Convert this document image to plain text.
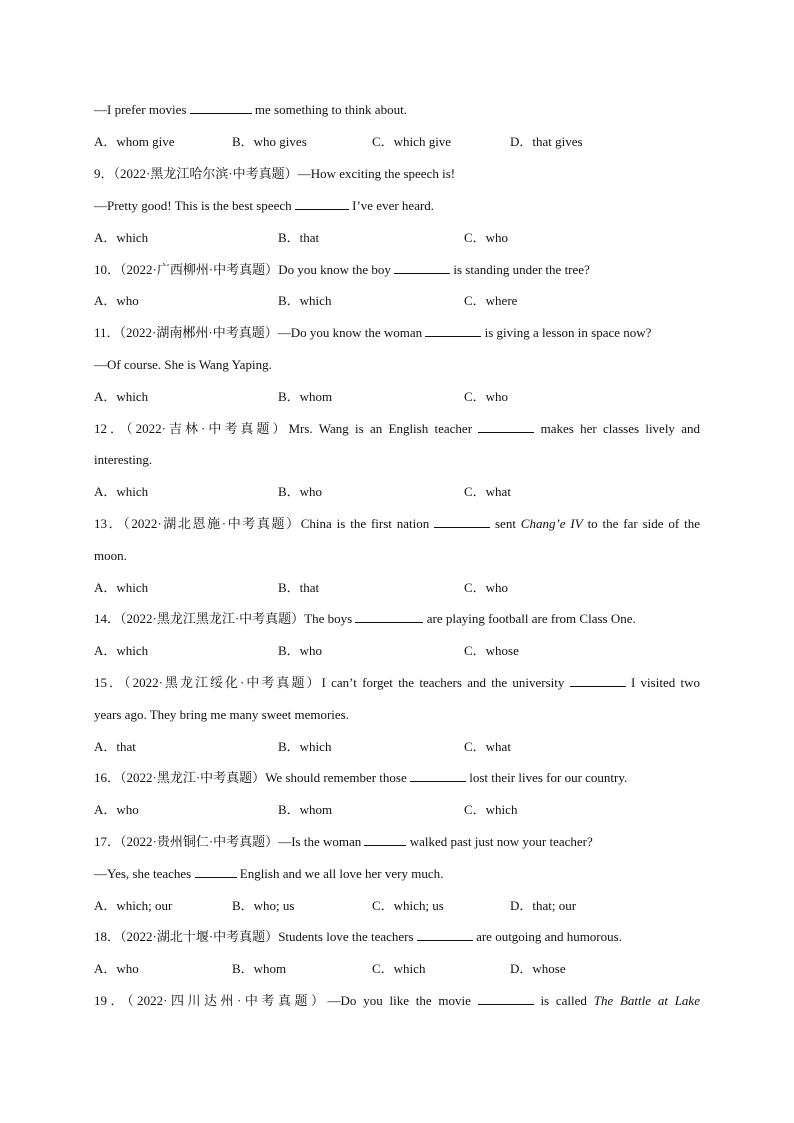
—I prefer movies	me something to think about.
A．whom give	B．who gives	C．which give	D．that gives
9．（2022·黑龙江哈尔滨·中考真题）—How exciting the speech is!
—Pretty good! This is the best speech	I’ve ever heard.
A．which	B．that	C．who
10．（2022·广西柳州·中考真题）Do you know the boy	is standing under the tree?
A．who	B．which	C．where
11．（2022·湖南郴州·中考真题）—Do you know the woman	is giving a lesson in space now?
—Of course. She is Wang Yaping.
A．which	B．whom	C．who
12．（2022·吉林·中考真题）Mrs. Wang is an English teacher	makes her classes lively and
interesting.
A．which	B．who	C．what
13．（2022·湖北恩施·中考真题）China is the first nation	sent Chang’e IV to the far side of the
moon.
A．which	B．that	C．who
14．（2022·黑龙江黑龙江·中考真题）The boys	are playing football are from Class One.
A．which	B．who	C．whose
15．（2022·黑龙江绥化·中考真题）I can’t forget the teachers and the university	I visited two
years ago. They bring me many sweet memories.
A．that	B．which	C．what
16．（2022·黑龙江·中考真题）We should remember those	lost their lives for our country.
A．who	B．whom	C．which
17．（2022·贵州铜仁·中考真题）—Is the woman	walked past just now your teacher?
—Yes, she teaches	English and we all love her very much.
A．which; our	B．who; us	C．which; us	D．that; our
18．（2022·湖北十堰·中考真题）Students love the teachers	are outgoing and humorous.
A．who	B．whom	C．which	D．whose
19．（2022·四川达州·中考真题）—Do you like the movie	is called The Battle at Lake
